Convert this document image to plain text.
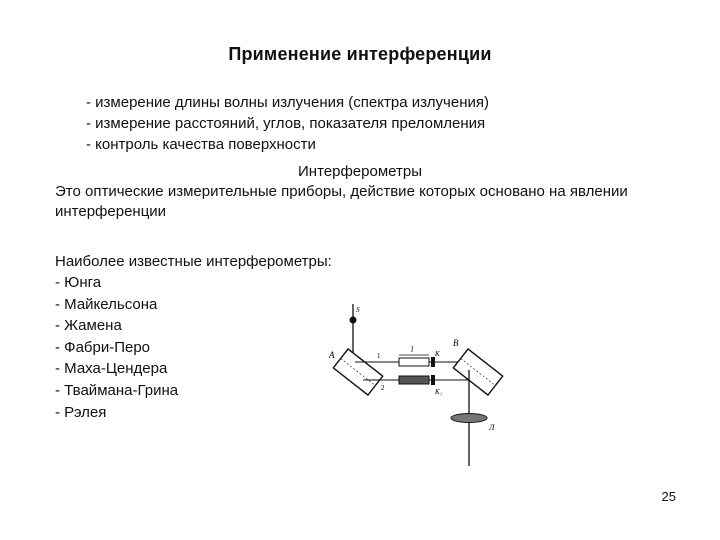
Применение интерференции
- измерение длины волны излучения (спектра излучения)
- измерение расстояний, углов, показателя преломления
- контроль качества поверхности
Интерферометры
Это оптические измерительные приборы, действие которых основано на явлении интерференции
Наиболее известные интерферометры:
- Юнга
- Майкельсона
- Жамена
- Фабри-Перо
- Маха-Цендера
- Тваймана-Грина
- Рэлея
S
A	1
2
l	K
K₁
B
Л
25
